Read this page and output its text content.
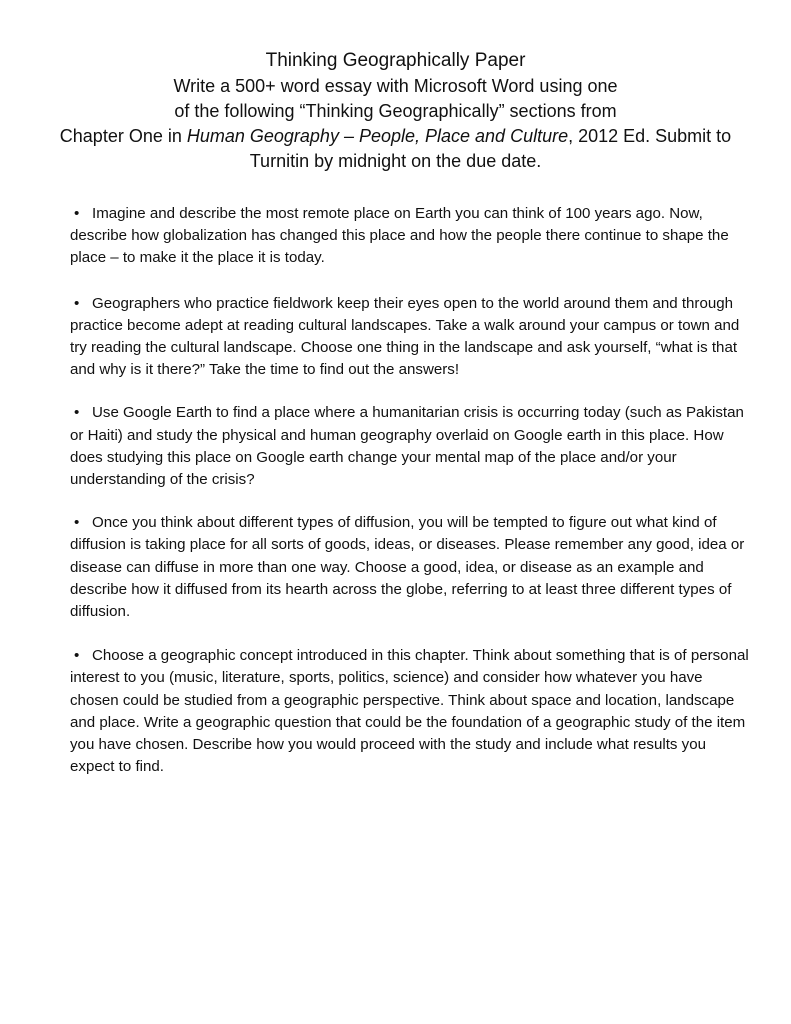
Thinking Geographically Paper

Write a 500+ word essay with Microsoft Word using one

of the following “Thinking Geographically” sections from

Chapter One in Human Geography – People, Place and Culture, 2012 Ed. Submit to

Turnitin by midnight on the due date.

• Imagine and describe the most remote place on Earth you can think of 100 years ago. Now, describe how globalization has changed this place and how the people there continue to shape the place – to make it the place it is today.

• Geographers who practice fieldwork keep their eyes open to the world around them and through practice become adept at reading cultural landscapes. Take a walk around your campus or town and try reading the cultural landscape. Choose one thing in the landscape and ask yourself, “what is that and why is it there?” Take the time to find out the answers!

• Use Google Earth to find a place where a humanitarian crisis is occurring today (such as Pakistan or Haiti) and study the physical and human geography overlaid on Google earth in this place. How does studying this place on Google earth change your mental map of the place and/or your understanding of the crisis?

• Once you think about different types of diffusion, you will be tempted to figure out what kind of diffusion is taking place for all sorts of goods, ideas, or diseases. Please remember any good, idea or disease can diffuse in more than one way. Choose a good, idea, or disease as an example and describe how it diffused from its hearth across the globe, referring to at least three different types of diffusion.

• Choose a geographic concept introduced in this chapter. Think about something that is of personal interest to you (music, literature, sports, politics, science) and consider how whatever you have chosen could be studied from a geographic perspective. Think about space and location, landscape and place. Write a geographic question that could be the foundation of a geographic study of the item you have chosen. Describe how you would proceed with the study and include what results you expect to find.
